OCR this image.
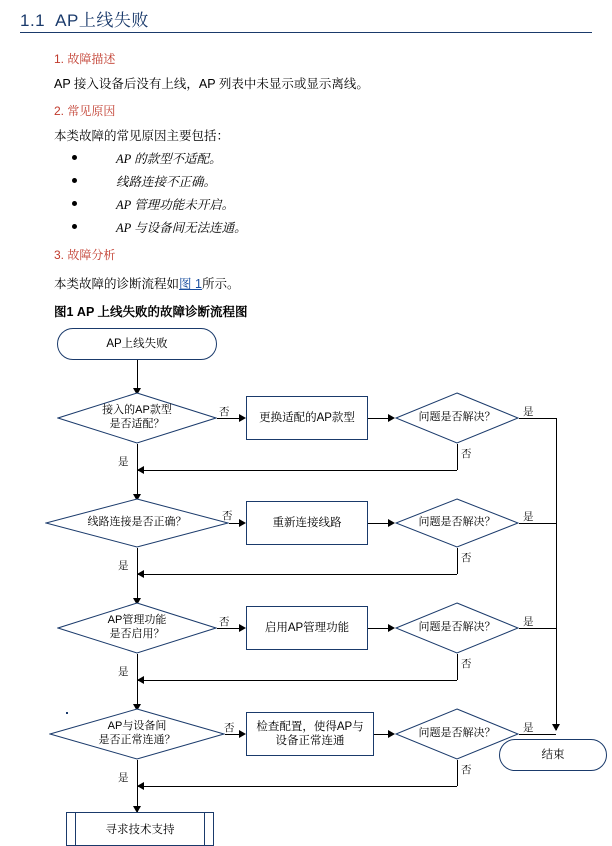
1.1 AP上线失败
1. 故障描述
AP 接入设备后没有上线，AP 列表中未显示或显示离线。
2. 常见原因
本类故障的常见原因主要包括：
AP 的款型不适配。
线路连接不正确。
AP 管理功能未开启。
AP 与设备间无法连通。
3. 故障分析
本类故障的诊断流程如图 1所示。
图1 AP 上线失败的故障诊断流程图
AP上线失败
接入的AP款型
是否适配？
更换适配的AP款型	问题是否解决？
否	是
否
是
线路连接是否正确？	重新连接线路	问题是否解决？
否	是
否
是
AP管理功能
是否启用？
启用AP管理功能	问题是否解决？
否	是
否
是
AP与设备间
是否正常连通？
检查配置，使得AP与
设备正常连通
问题是否解决？
否	是
否
是
寻求技术支持
结束
